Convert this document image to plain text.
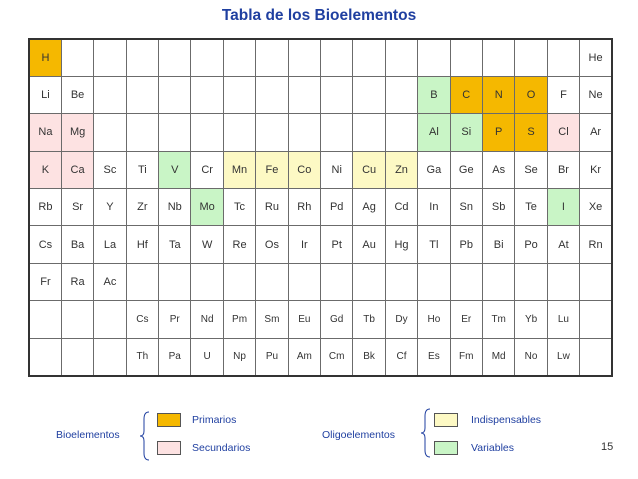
Tabla de los Bioelementos
H																	He
Li	Be											B	C	N	O	F	Ne
Na	Mg											Al	Si	P	S	Cl	Ar
K	Ca	Sc	Ti	V	Cr	Mn	Fe	Co	Ni	Cu	Zn	Ga	Ge	As	Se	Br	Kr
Rb	Sr	Y	Zr	Nb	Mo	Tc	Ru	Rh	Pd	Ag	Cd	In	Sn	Sb	Te	I	Xe
Cs	Ba	La	Hf	Ta	W	Re	Os	Ir	Pt	Au	Hg	Tl	Pb	Bi	Po	At	Rn
Fr	Ra	Ac															
			Cs	Pr	Nd	Pm	Sm	Eu	Gd	Tb	Dy	Ho	Er	Tm	Yb	Lu	
			Th	Pa	U	Np	Pu	Am	Cm	Bk	Cf	Es	Fm	Md	No	Lw	
Bioelementos
Primarios
Secundarios
Oligoelementos
Indispensables
Variables	15
